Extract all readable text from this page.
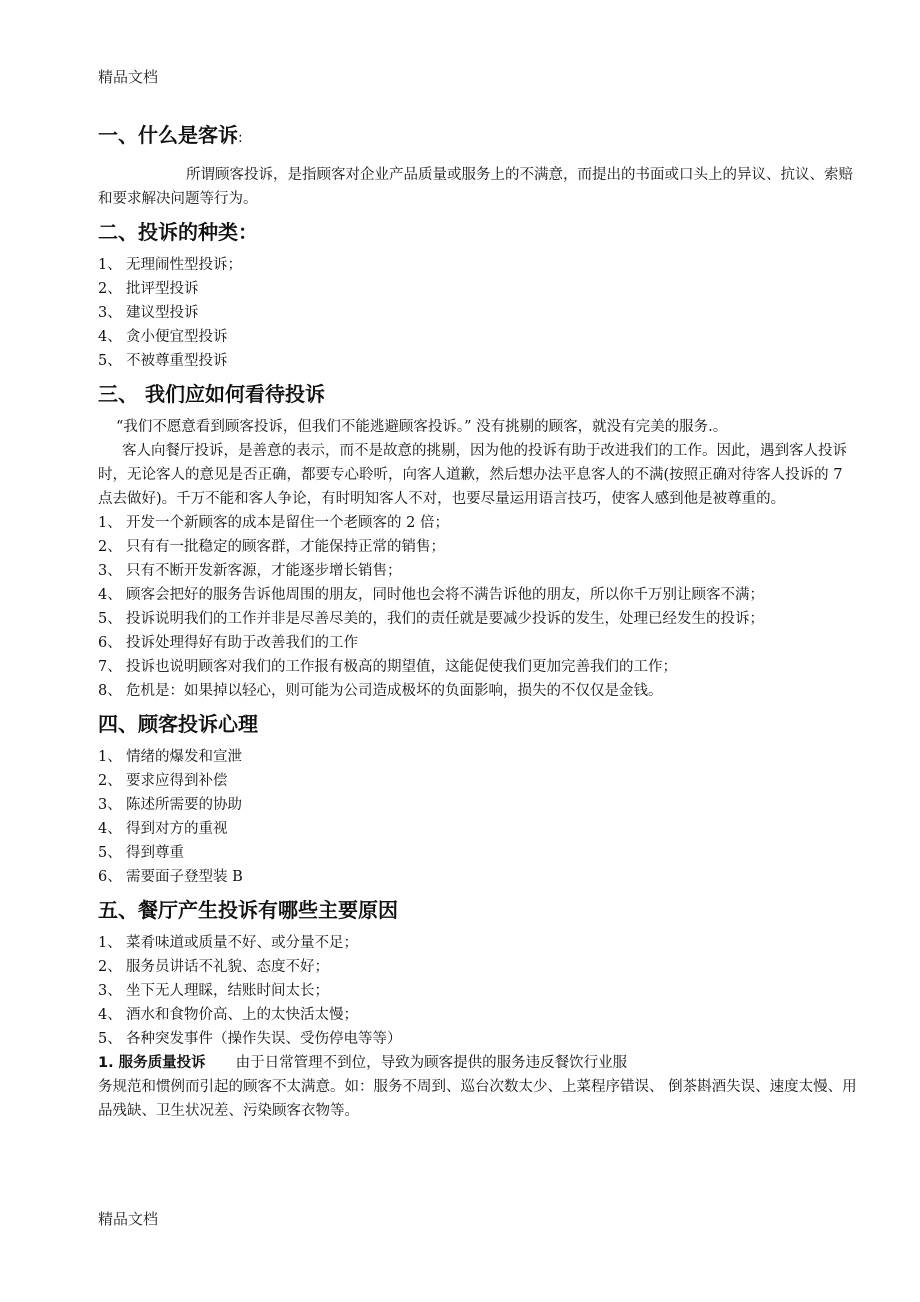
精品文档
一、什么是客诉:

所谓顾客投诉，是指顾客对企业产品质量或服务上的不满意，而提出的书面或口头上的异议、抗议、索赔和要求解决问题等行为。

二、投诉的种类：
1、 无理闹性型投诉；
2、 批评型投诉
3、 建议型投诉
4、 贪小便宜型投诉
5、 不被尊重型投诉
三、 我们应如何看待投诉

“我们不愿意看到顾客投诉，但我们不能逃避顾客投诉。” 没有挑剔的顾客，就没有完美的服务.。

客人向餐厅投诉，是善意的表示，而不是故意的挑剔，因为他的投诉有助于改进我们的工作。因此，遇到客人投诉时，无论客人的意见是否正确，都要专心聆听，向客人道歉，然后想办法平息客人的不满(按照正确对待客人投诉的 7 点去做好)。千万不能和客人争论，有时明知客人不对，也要尽量运用语言技巧，使客人感到他是被尊重的。

1、 开发一个新顾客的成本是留住一个老顾客的 2 倍；
2、 只有有一批稳定的顾客群，才能保持正常的销售；
3、 只有不断开发新客源，才能逐步增长销售；
4、 顾客会把好的服务告诉他周围的朋友，同时他也会将不满告诉他的朋友，所以你千万别让顾客不满；
5、 投诉说明我们的工作并非是尽善尽美的，我们的责任就是要减少投诉的发生，处理已经发生的投诉；
6、 投诉处理得好有助于改善我们的工作
7、 投诉也说明顾客对我们的工作报有极高的期望值，这能促使我们更加完善我们的工作；
8、 危机是：如果掉以轻心，则可能为公司造成极坏的负面影响，损失的不仅仅是金钱。
四、顾客投诉心理
1、 情绪的爆发和宣泄
2、 要求应得到补偿
3、 陈述所需要的协助
4、 得到对方的重视
5、 得到尊重
6、 需要面子登型装 B
五、餐厅产生投诉有哪些主要原因
1、 菜肴味道或质量不好、或分量不足；
2、 服务员讲话不礼貌、态度不好；
3、 坐下无人理睬，结账时间太长；
4、 酒水和食物价高、上的太快活太慢；
5、 各种突发事件（操作失误、受伤停电等等）

1. 服务质量投诉 由于日常管理不到位，导致为顾客提供的服务违反餐饮行业服

务规范和惯例而引起的顾客不太满意。如：服务不周到、巡台次数太少、上菜程序错误、 倒茶斟酒失误、速度太慢、用品残缺、卫生状况差、污染顾客衣物等。

精品文档
